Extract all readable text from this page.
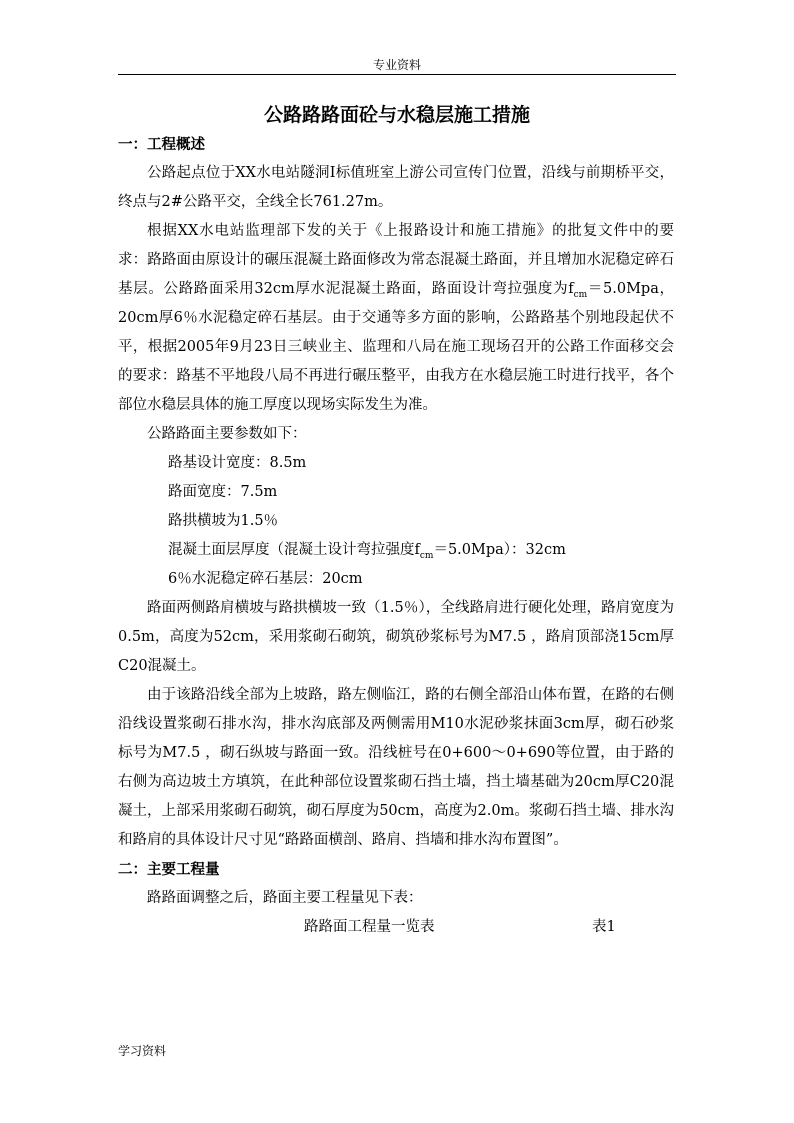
专业资料
公路路路面砼与水稳层施工措施

一：工程概述

公路起点位于XX水电站隧洞Ⅰ标值班室上游公司宣传门位置，沿线与前期桥平交，终点与2#公路平交，全线全长761.27m。

根据XX水电站监理部下发的关于《上报路设计和施工措施》的批复文件中的要求：路路面由原设计的碾压混凝土路面修改为常态混凝土路面，并且增加水泥稳定碎石基层。公路路面采用32cm厚水泥混凝土路面，路面设计弯拉强度为$f_{cm}=5.0Mpa$，20cm厚6％水泥稳定碎石基层。由于交通等多方面的影响，公路路基个别地段起伏不平，根据2005年9月23日三峡业主、监理和八局在施工现场召开的公路工作面移交会的要求：路基不平地段八局不再进行碾压整平，由我方在水稳层施工时进行找平，各个部位水稳层具体的施工厚度以现场实际发生为准。

公路路面主要参数如下：

路基设计宽度：8.5m

路面宽度：7.5m

路拱横坡为1.5％

混凝土面层厚度（混凝土设计弯拉强度$f_{cm}=5.0Mpa$）：32cm

6％水泥稳定碎石基层：20cm

路面两侧路肩横坡与路拱横坡一致（1.5％），全线路肩进行硬化处理，路肩宽度为0.5m，高度为52cm，采用浆砌石砌筑，砌筑砂浆标号为M7.5 ，路肩顶部浇15cm厚C20混凝土。

由于该路沿线全部为上坡路，路左侧临江，路的右侧全部沿山体布置，在路的右侧沿线设置浆砌石排水沟，排水沟底部及两侧需用M10水泥砂浆抹面3cm厚，砌石砂浆标号为M7.5 ，砌石纵坡与路面一致。沿线桩号在0+600～0+690等位置，由于路的右侧为高边坡土方填筑，在此种部位设置浆砌石挡土墙，挡土墙基础为20cm厚C20混凝土，上部采用浆砌石砌筑，砌石厚度为50cm，高度为2.0m。浆砌石挡土墙、排水沟和路肩的具体设计尺寸见“路路面横剖、路肩、挡墙和排水沟布置图”。

二：主要工程量

路路面调整之后，路面主要工程量见下表：

路路面工程量一览表	表1
学习资料
